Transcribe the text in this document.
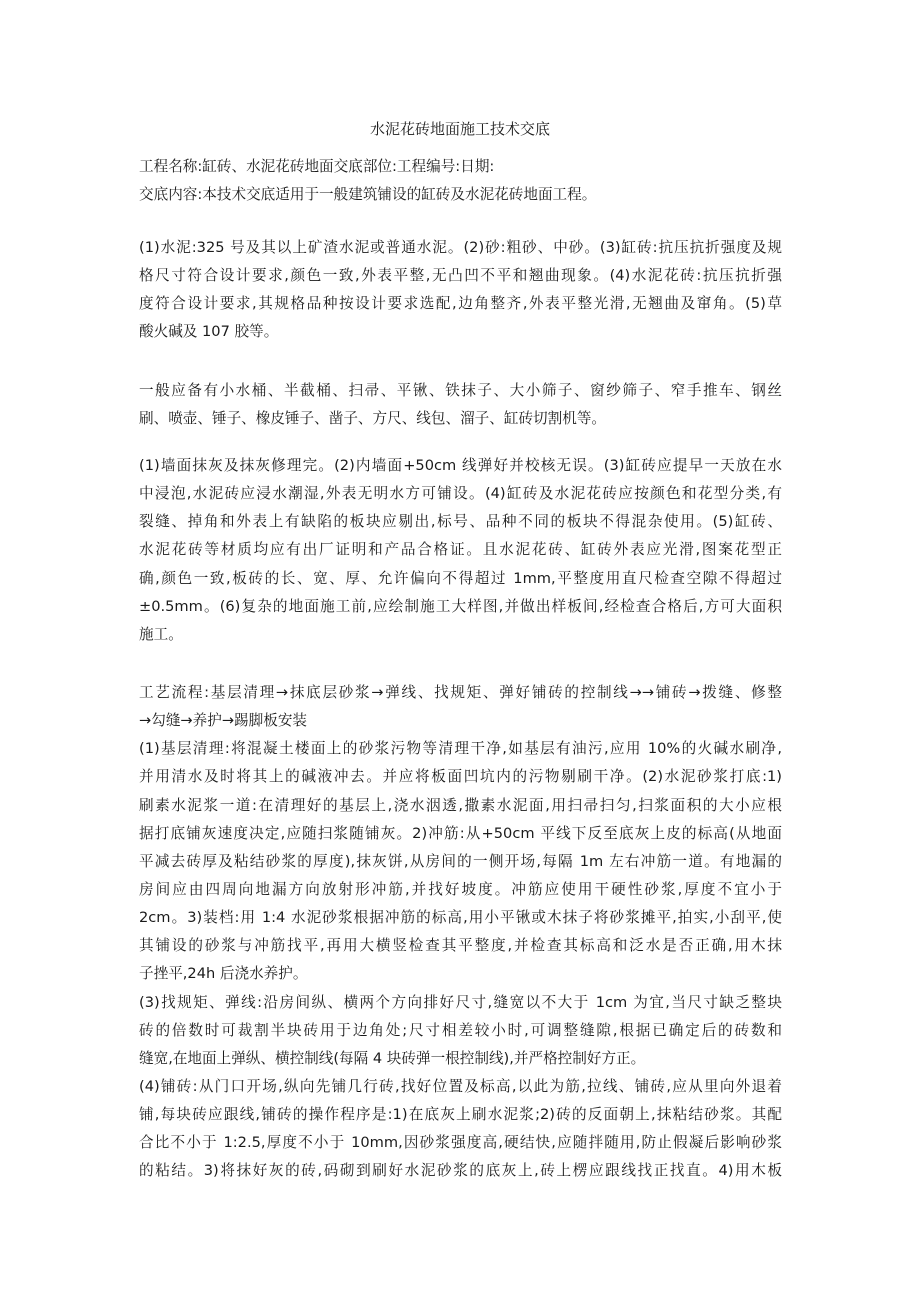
水泥花砖地面施工技术交底
工程名称:缸砖、水泥花砖地面交底部位:工程编号:日期:
交底内容:本技术交底适用于一般建筑铺设的缸砖及水泥花砖地面工程。
(1)水泥:325 号及其以上矿渣水泥或普通水泥。(2)砂:粗砂、中砂。(3)缸砖:抗压抗折强度及规
格尺寸符合设计要求,颜色一致,外表平整,无凸凹不平和翘曲现象。(4)水泥花砖:抗压抗折强
度符合设计要求,其规格品种按设计要求选配,边角整齐,外表平整光滑,无翘曲及窜角。(5)草
酸火碱及 107 胶等。
一般应备有小水桶、半截桶、扫帚、平锹、铁抹子、大小筛子、窗纱筛子、窄手推车、钢丝
刷、喷壶、锤子、橡皮锤子、凿子、方尺、线包、溜子、缸砖切割机等。
(1)墙面抹灰及抹灰修理完。(2)内墙面+50cm 线弹好并校核无误。(3)缸砖应提早一天放在水
中浸泡,水泥砖应浸水潮湿,外表无明水方可铺设。(4)缸砖及水泥花砖应按颜色和花型分类,有
裂缝、掉角和外表上有缺陷的板块应剔出,标号、品种不同的板块不得混杂使用。(5)缸砖、
水泥花砖等材质均应有出厂证明和产品合格证。且水泥花砖、缸砖外表应光滑,图案花型正
确,颜色一致,板砖的长、宽、厚、允许偏向不得超过 1mm,平整度用直尺检查空隙不得超过
±0.5mm。(6)复杂的地面施工前,应绘制施工大样图,并做出样板间,经检查合格后,方可大面积
施工。
工艺流程:基层清理→抹底层砂浆→弹线、找规矩、弹好铺砖的控制线→→铺砖→拨缝、修整
→勾缝→养护→踢脚板安装
(1)基层清理:将混凝土楼面上的砂浆污物等清理干净,如基层有油污,应用 10%的火碱水刷净,
并用清水及时将其上的碱液冲去。并应将板面凹坑内的污物剔刷干净。(2)水泥砂浆打底:1)
刷素水泥浆一道:在清理好的基层上,浇水洇透,撒素水泥面,用扫帚扫匀,扫浆面积的大小应根
据打底铺灰速度决定,应随扫浆随铺灰。2)冲筋:从+50cm 平线下反至底灰上皮的标高(从地面
平减去砖厚及粘结砂浆的厚度),抹灰饼,从房间的一侧开场,每隔 1m 左右冲筋一道。有地漏的
房间应由四周向地漏方向放射形冲筋,并找好坡度。冲筋应使用干硬性砂浆,厚度不宜小于
2cm。3)装档:用 1:4 水泥砂浆根据冲筋的标高,用小平锹或木抹子将砂浆摊平,拍实,小刮平,使
其铺设的砂浆与冲筋找平,再用大横竖检查其平整度,并检查其标高和泛水是否正确,用木抹
子挫平,24h 后浇水养护。
(3)找规矩、弹线:沿房间纵、横两个方向排好尺寸,缝宽以不大于 1cm 为宜,当尺寸缺乏整块
砖的倍数时可裁割半块砖用于边角处;尺寸相差较小时,可调整缝隙,根据已确定后的砖数和
缝宽,在地面上弹纵、横控制线(每隔 4 块砖弹一根控制线),并严格控制好方正。
(4)铺砖:从门口开场,纵向先铺几行砖,找好位置及标高,以此为筋,拉线、铺砖,应从里向外退着
铺,每块砖应跟线,铺砖的操作程序是:1)在底灰上刷水泥浆;2)砖的反面朝上,抹粘结砂浆。其配
合比不小于 1:2.5,厚度不小于 10mm,因砂浆强度高,硬结快,应随拌随用,防止假凝后影响砂浆
的粘结。3)将抹好灰的砖,码砌到刷好水泥砂浆的底灰上,砖上楞应跟线找正找直。4)用木板
